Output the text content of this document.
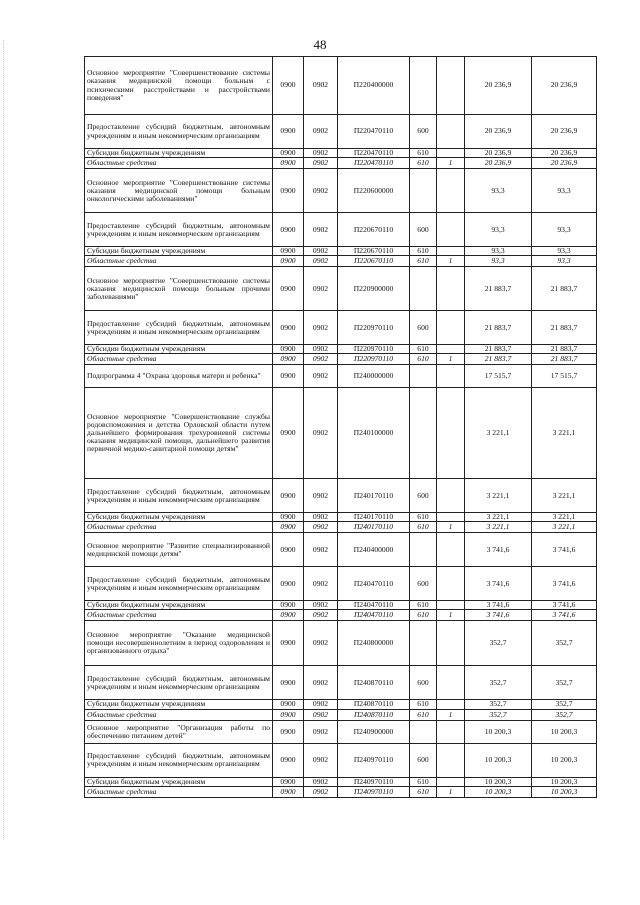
48
Основное мероприятие "Совершенствование системы оказания медицинской помощи больным с психическими расстройствами и расстройствами поведения"	0900	0902	П220400000			20 236,9	20 236,9
Предоставление субсидий бюджетным, автономным учреждениям и иным некоммерческим организациям	0900	0902	П220470110	600		20 236,9	20 236,9
Субсидии бюджетным учреждениям	0900	0902	П220470110	610		20 236,9	20 236,9
Областные средства	0900	0902	П220470110	610	1	20 236,9	20 236,9
Основное мероприятие "Совершенствование системы оказания медицинской помощи больным онкологическими заболеваниями"	0900	0902	П220600000			93,3	93,3
Предоставление субсидий бюджетным, автономным учреждениям и иным некоммерческим организациям	0900	0902	П220670110	600		93,3	93,3
Субсидии бюджетным учреждениям	0900	0902	П220670110	610		93,3	93,3
Областные средства	0900	0902	П220670110	610	1	93,3	93,3
Основное мероприятие "Совершенствование системы оказания медицинской помощи больным прочими заболеваниями"	0900	0902	П220900000			21 883,7	21 883,7
Предоставление субсидий бюджетным, автономным учреждениям и иным некоммерческим организациям	0900	0902	П220970110	600		21 883,7	21 883,7
Субсидии бюджетным учреждениям	0900	0902	П220970110	610		21 883,7	21 883,7
Областные средства	0900	0902	П220970110	610	1	21 883,7	21 883,7
Подпрограмма 4 "Охрана здоровья матери и ребенка"	0900	0902	П240000000			17 515,7	17 515,7
Основное мероприятие "Совершенствование службы родовспоможения и детства Орловской области путем дальнейшего формирования трехуровневой системы оказания медицинской помощи, дальнейшего развития первичной медико-санитарной помощи детям"	0900	0902	П240100000			3 221,1	3 221,1
Предоставление субсидий бюджетным, автономным учреждениям и иным некоммерческим организациям	0900	0902	П240170110	600		3 221,1	3 221,1
Субсидии бюджетным учреждениям	0900	0902	П240170110	610		3 221,1	3 221,1
Областные средства	0900	0902	П240170110	610	1	3 221,1	3 221,1
Основное мероприятие "Развитие специализированной медицинской помощи детям"	0900	0902	П240400000			3 741,6	3 741,6
Предоставление субсидий бюджетным, автономным учреждениям и иным некоммерческим организациям	0900	0902	П240470110	600		3 741,6	3 741,6
Субсидии бюджетным учреждениям	0900	0902	П240470110	610		3 741,6	3 741,6
Областные средства	0900	0902	П240470110	610	1	3 741,6	3 741,6
Основное мероприятие "Оказание медицинской помощи несовершеннолетним в период оздоровления и организованного отдыха"	0900	0902	П240800000			352,7	352,7
Предоставление субсидий бюджетным, автономным учреждениям и иным некоммерческим организациям	0900	0902	П240870110	600		352,7	352,7
Субсидии бюджетным учреждениям	0900	0902	П240870110	610		352,7	352,7
Областные средства	0900	0902	П240870110	610	1	352,7	352,7
Основное мероприятие "Организация работы по обеспечению питанием детей"	0900	0902	П240900000			10 200,3	10 200,3
Предоставление субсидий бюджетным, автономным учреждениям и иным некоммерческим организациям	0900	0902	П240970110	600		10 200,3	10 200,3
Субсидии бюджетным учреждениям	0900	0902	П240970110	610		10 200,3	10 200,3
Областные средства	0900	0902	П240970110	610	1	10 200,3	10 200,3
